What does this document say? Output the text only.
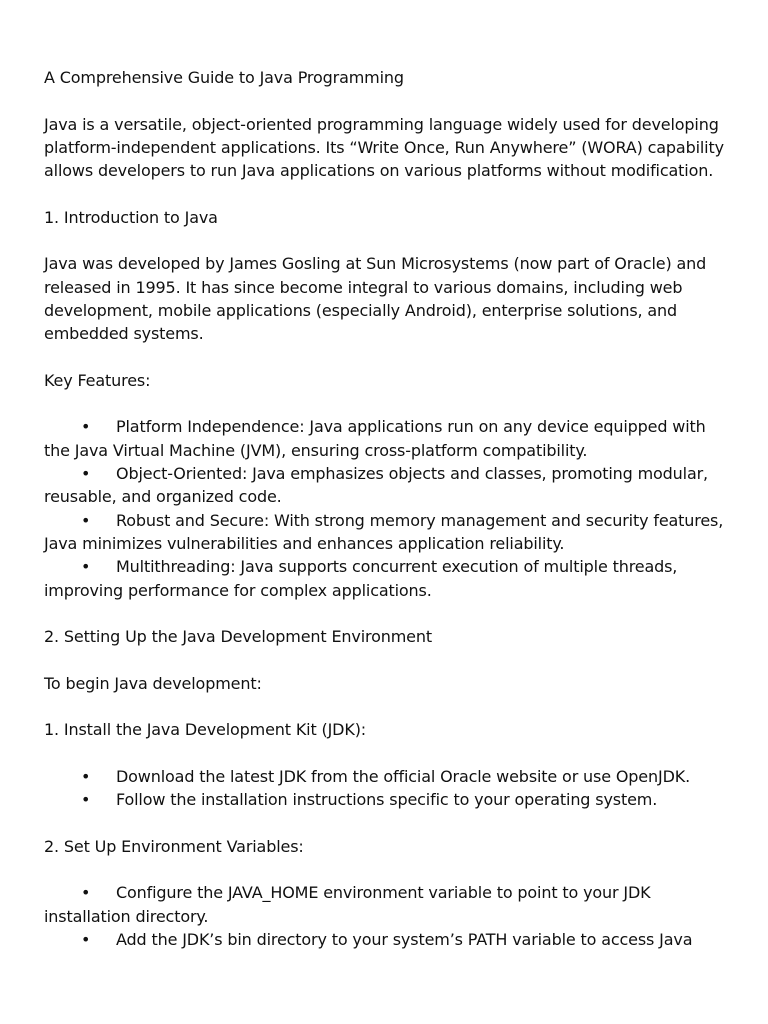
A Comprehensive Guide to Java Programming
Java is a versatile, object-oriented programming language widely used for developing
platform-independent applications. Its “Write Once, Run Anywhere” (WORA) capability
allows developers to run Java applications on various platforms without modification.
1. Introduction to Java
Java was developed by James Gosling at Sun Microsystems (now part of Oracle) and
released in 1995. It has since become integral to various domains, including web
development, mobile applications (especially Android), enterprise solutions, and
embedded systems.
Key Features:
• Platform Independence: Java applications run on any device equipped with
the Java Virtual Machine (JVM), ensuring cross-platform compatibility.
• Object-Oriented: Java emphasizes objects and classes, promoting modular,
reusable, and organized code.
• Robust and Secure: With strong memory management and security features,
Java minimizes vulnerabilities and enhances application reliability.
• Multithreading: Java supports concurrent execution of multiple threads,
improving performance for complex applications.
2. Setting Up the Java Development Environment
To begin Java development:
1. Install the Java Development Kit (JDK):
• Download the latest JDK from the official Oracle website or use OpenJDK.
• Follow the installation instructions specific to your operating system.
2. Set Up Environment Variables:
• Configure the JAVA_HOME environment variable to point to your JDK
installation directory.
• Add the JDK’s bin directory to your system’s PATH variable to access Java
